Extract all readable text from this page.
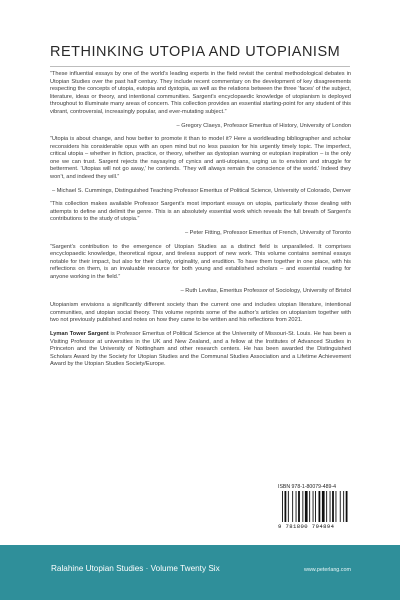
RETHINKING UTOPIA AND UTOPIANISM

“These influential essays by one of the world’s leading experts in the field revisit the central methodological debates in Utopian Studies over the past half century. They include recent commentary on the development of key disagreements respecting the concepts of utopia, eutopia and dystopia, as well as the relations between the three ‘faces’ of the subject, literature, ideas or theory, and intentional communities. Sargent’s encyclopaedic knowledge of utopianism is deployed throughout to illuminate many areas of concern. This collection provides an essential starting-point for any student of this vibrant, controversial, increasingly popular, and ever-mutating subject.”

– Gregory Claeys, Professor Emeritus of History, University of London

“Utopia is about change, and how better to promote it than to model it? Here a worldleading bibliographer and scholar reconsiders his considerable opus with an open mind but no less passion for his urgently timely topic. The imperfect, critical utopia – whether in fiction, practice, or theory, whether as dystopian warning or eutopian inspiration – is the only one we can trust. Sargent rejects the naysaying of cynics and anti-utopians, urging us to envision and struggle for betterment. ‘Utopias will not go away,’ he contends. ‘They will always remain the conscience of the world.’ Indeed they won’t, and indeed they will.”

– Michael S. Cummings, Distinguished Teaching Professor Emeritus of Political Science, University of Colorado, Denver

“This collection makes available Professor Sargent’s most important essays on utopia, particularly those dealing with attempts to define and delimit the genre. This is an absolutely essential work which reveals the full breath of Sargent’s contributions to the study of utopia.”

– Peter Fitting, Professor Emeritus of French, University of Toronto

“Sargent’s contribution to the emergence of Utopian Studies as a distinct field is unparalleled. It comprises encyclopaedic knowledge, theoretical rigour, and tireless support of new work. This volume contains seminal essays notable for their impact, but also for their clarity, originality, and erudition. To have them together in one place, with his reflections on them, is an invaluable resource for both young and established scholars – and essential reading for anyone working in the field.”

– Ruth Levitas, Emeritus Professor of Sociology, University of Bristol

Utopianism envisions a significantly different society than the current one and includes utopian literature, intentional communities, and utopian social theory. This volume reprints some of the author’s articles on utopianism together with two not previously published and notes on how they came to be written and his reflections from 2021.

Lyman Tower Sargent is Professor Emeritus of Political Science at the University of Missouri-St. Louis. He has been a Visiting Professor at universities in the UK and New Zealand, and a fellow at the Institutes of Advanced Studies in Princeton and the University of Nottingham and other research centers. He has been awarded the Distinguished Scholars Award by the Society for Utopian Studies and the Communal Studies Association and a Lifetime Achievement Award by the Utopian Studies Society/Europe.

ISBN 978-1-80079-489-4
9 781800 794894
Ralahine Utopian Studies · Volume Twenty Six	www.peterlang.com
